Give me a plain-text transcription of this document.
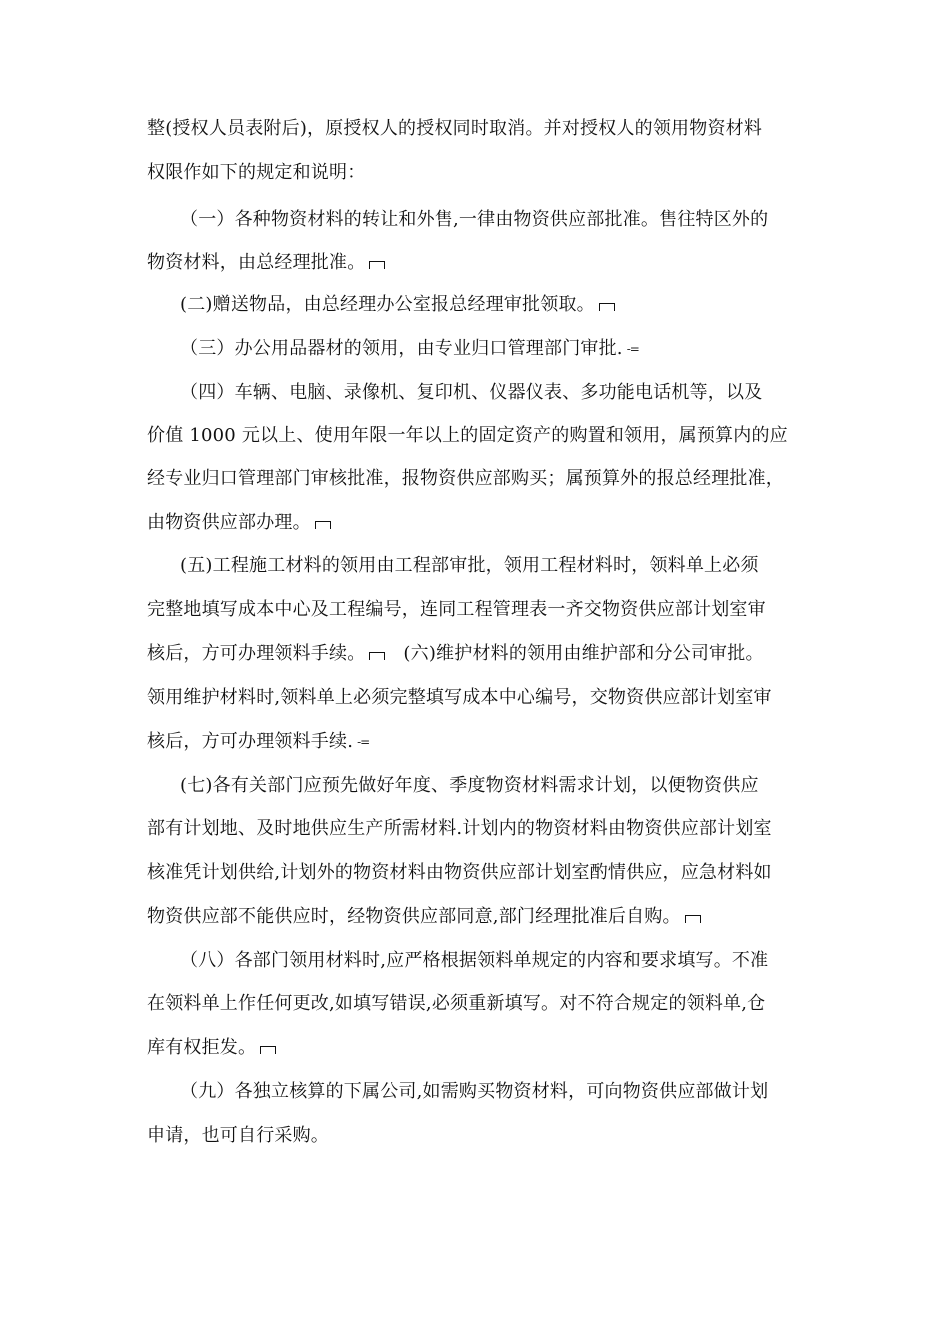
整(授权人员表附后)，原授权人的授权同时取消。并对授权人的领用物资材料
权限作如下的规定和说明：
（一）各种物资材料的转让和外售,一律由物资供应部批准。售往特区外的
物资材料，由总经理批准。
(二)赠送物品，由总经理办公室报总经理审批领取。
（三）办公用品器材的领用，由专业归口管理部门审批. -=
（四）车辆、电脑、录像机、复印机、仪器仪表、多功能电话机等，以及
价值 1000 元以上、使用年限一年以上的固定资产的购置和领用，属预算内的应
经专业归口管理部门审核批准，报物资供应部购买；属预算外的报总经理批准，
由物资供应部办理。
(五)工程施工材料的领用由工程部审批，领用工程材料时，领料单上必须
完整地填写成本中心及工程编号，连同工程管理表一齐交物资供应部计划室审
核后，方可办理领料手续。 (六)维护材料的领用由维护部和分公司审批。
领用维护材料时,领料单上必须完整填写成本中心编号，交物资供应部计划室审
核后，方可办理领料手续. -=
(七)各有关部门应预先做好年度、季度物资材料需求计划，以便物资供应
部有计划地、及时地供应生产所需材料.计划内的物资材料由物资供应部计划室
核准凭计划供给,计划外的物资材料由物资供应部计划室酌情供应，应急材料如
物资供应部不能供应时，经物资供应部同意,部门经理批准后自购。
（八）各部门领用材料时,应严格根据领料单规定的内容和要求填写。不准
在领料单上作任何更改,如填写错误,必须重新填写。对不符合规定的领料单,仓
库有权拒发。
（九）各独立核算的下属公司,如需购买物资材料，可向物资供应部做计划
申请，也可自行采购。
